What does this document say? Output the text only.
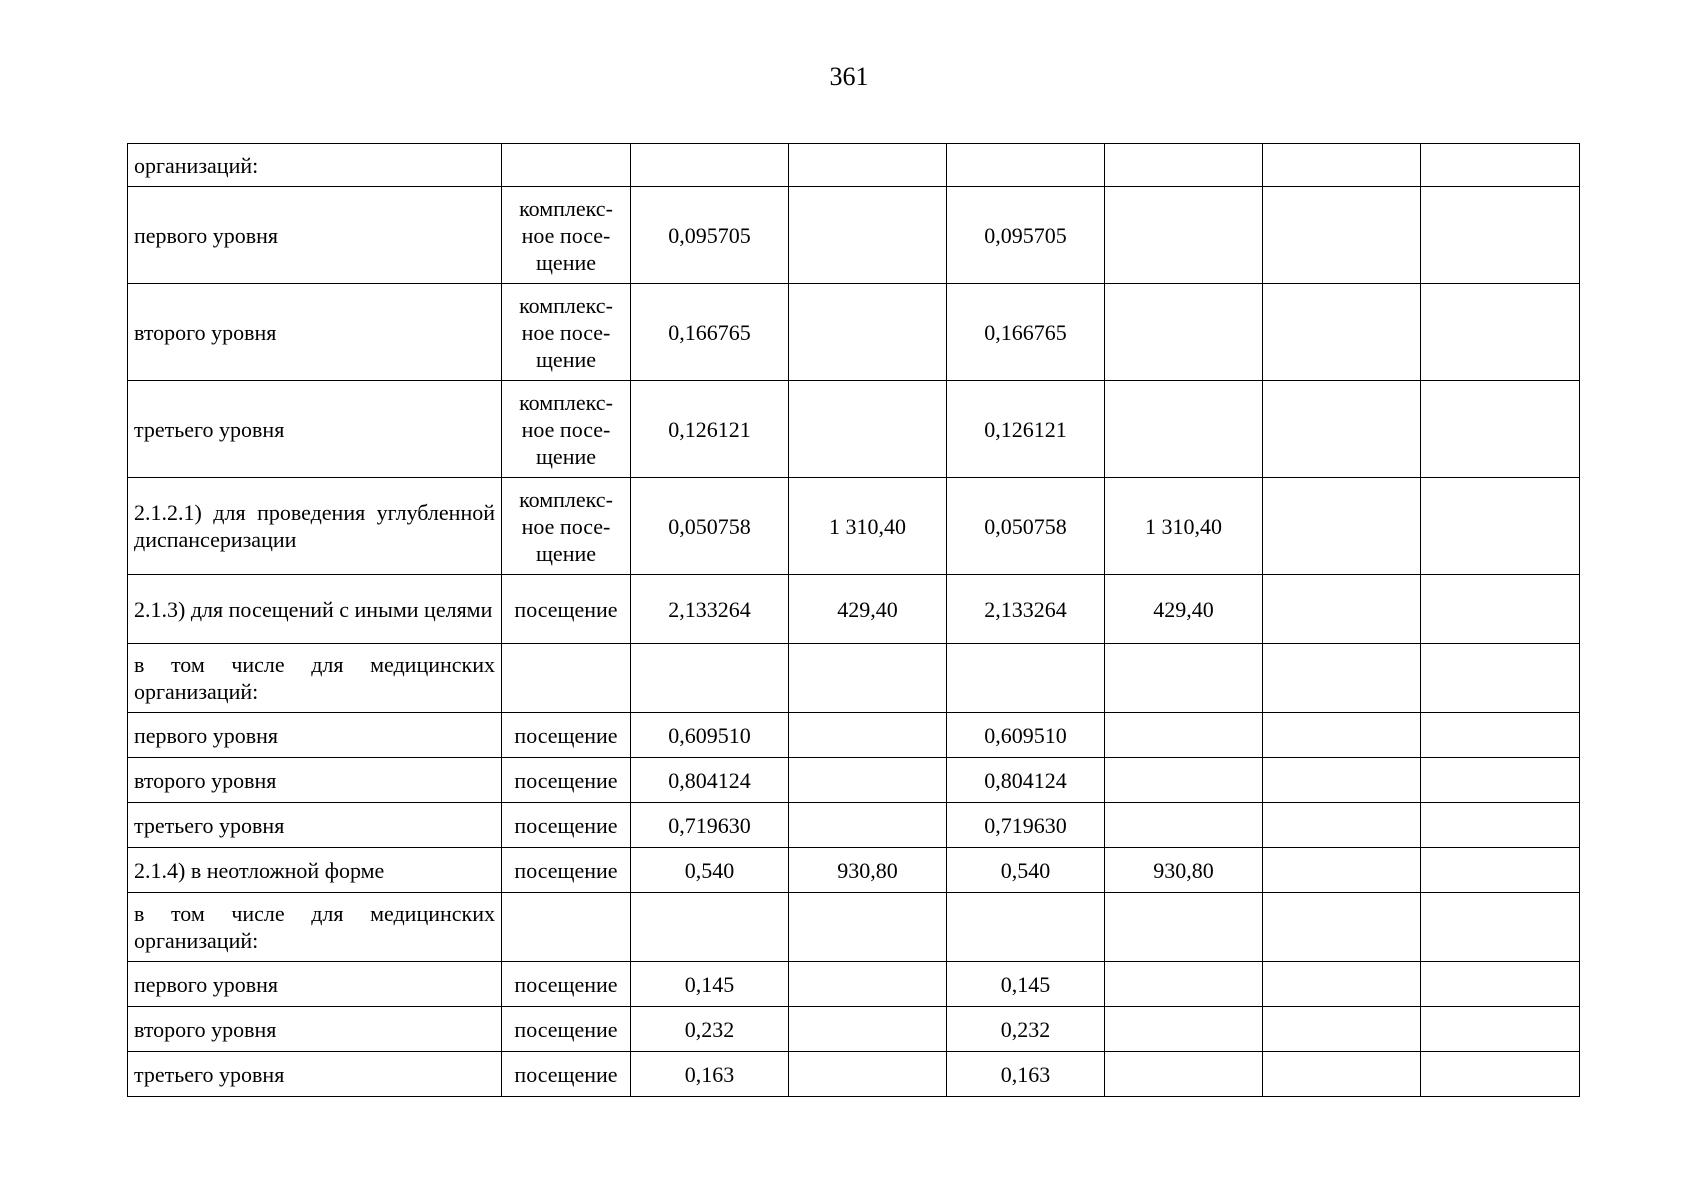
361
организаций:							
первого уровня	комплекс-ное посе-щение	0,095705		0,095705			
второго уровня	комплекс-ное посе-щение	0,166765		0,166765			
третьего уровня	комплекс-ное посе-щение	0,126121		0,126121			
2.1.2.1) для проведения углубленной диспансеризации	комплекс-ное посе-щение	0,050758	1 310,40	0,050758	1 310,40		
2.1.3) для посещений с иными целями	посещение	2,133264	429,40	2,133264	429,40		
в том числе для медицинских организаций:							
первого уровня	посещение	0,609510		0,609510			
второго уровня	посещение	0,804124		0,804124			
третьего уровня	посещение	0,719630		0,719630			
2.1.4) в неотложной форме	посещение	0,540	930,80	0,540	930,80		
в том числе для медицинских организаций:							
первого уровня	посещение	0,145		0,145			
второго уровня	посещение	0,232		0,232			
третьего уровня	посещение	0,163		0,163			
